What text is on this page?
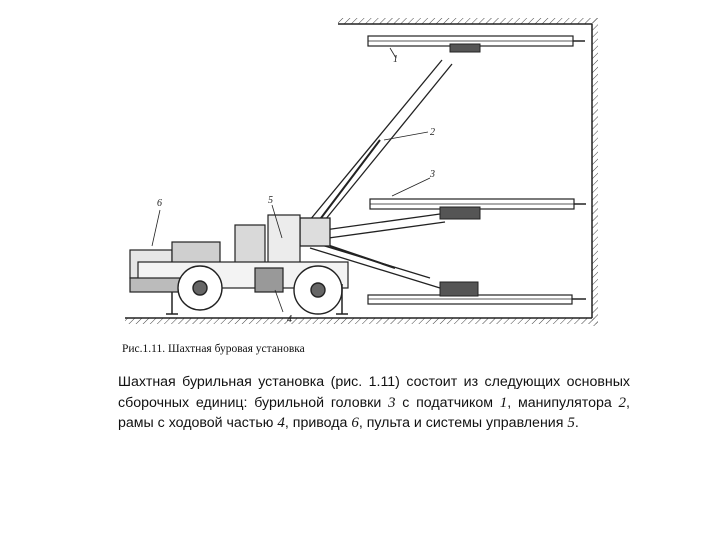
1
2
3
4
5
6
Рис.1.11. Шахтная буровая установка
Шахтная бурильная установка (рис. 1.11) состоит из следующих основных сборочных единиц: бурильной головки 3 с податчиком 1, манипулятора 2, рамы с ходовой частью 4, привода 6, пульта и системы управления 5.
